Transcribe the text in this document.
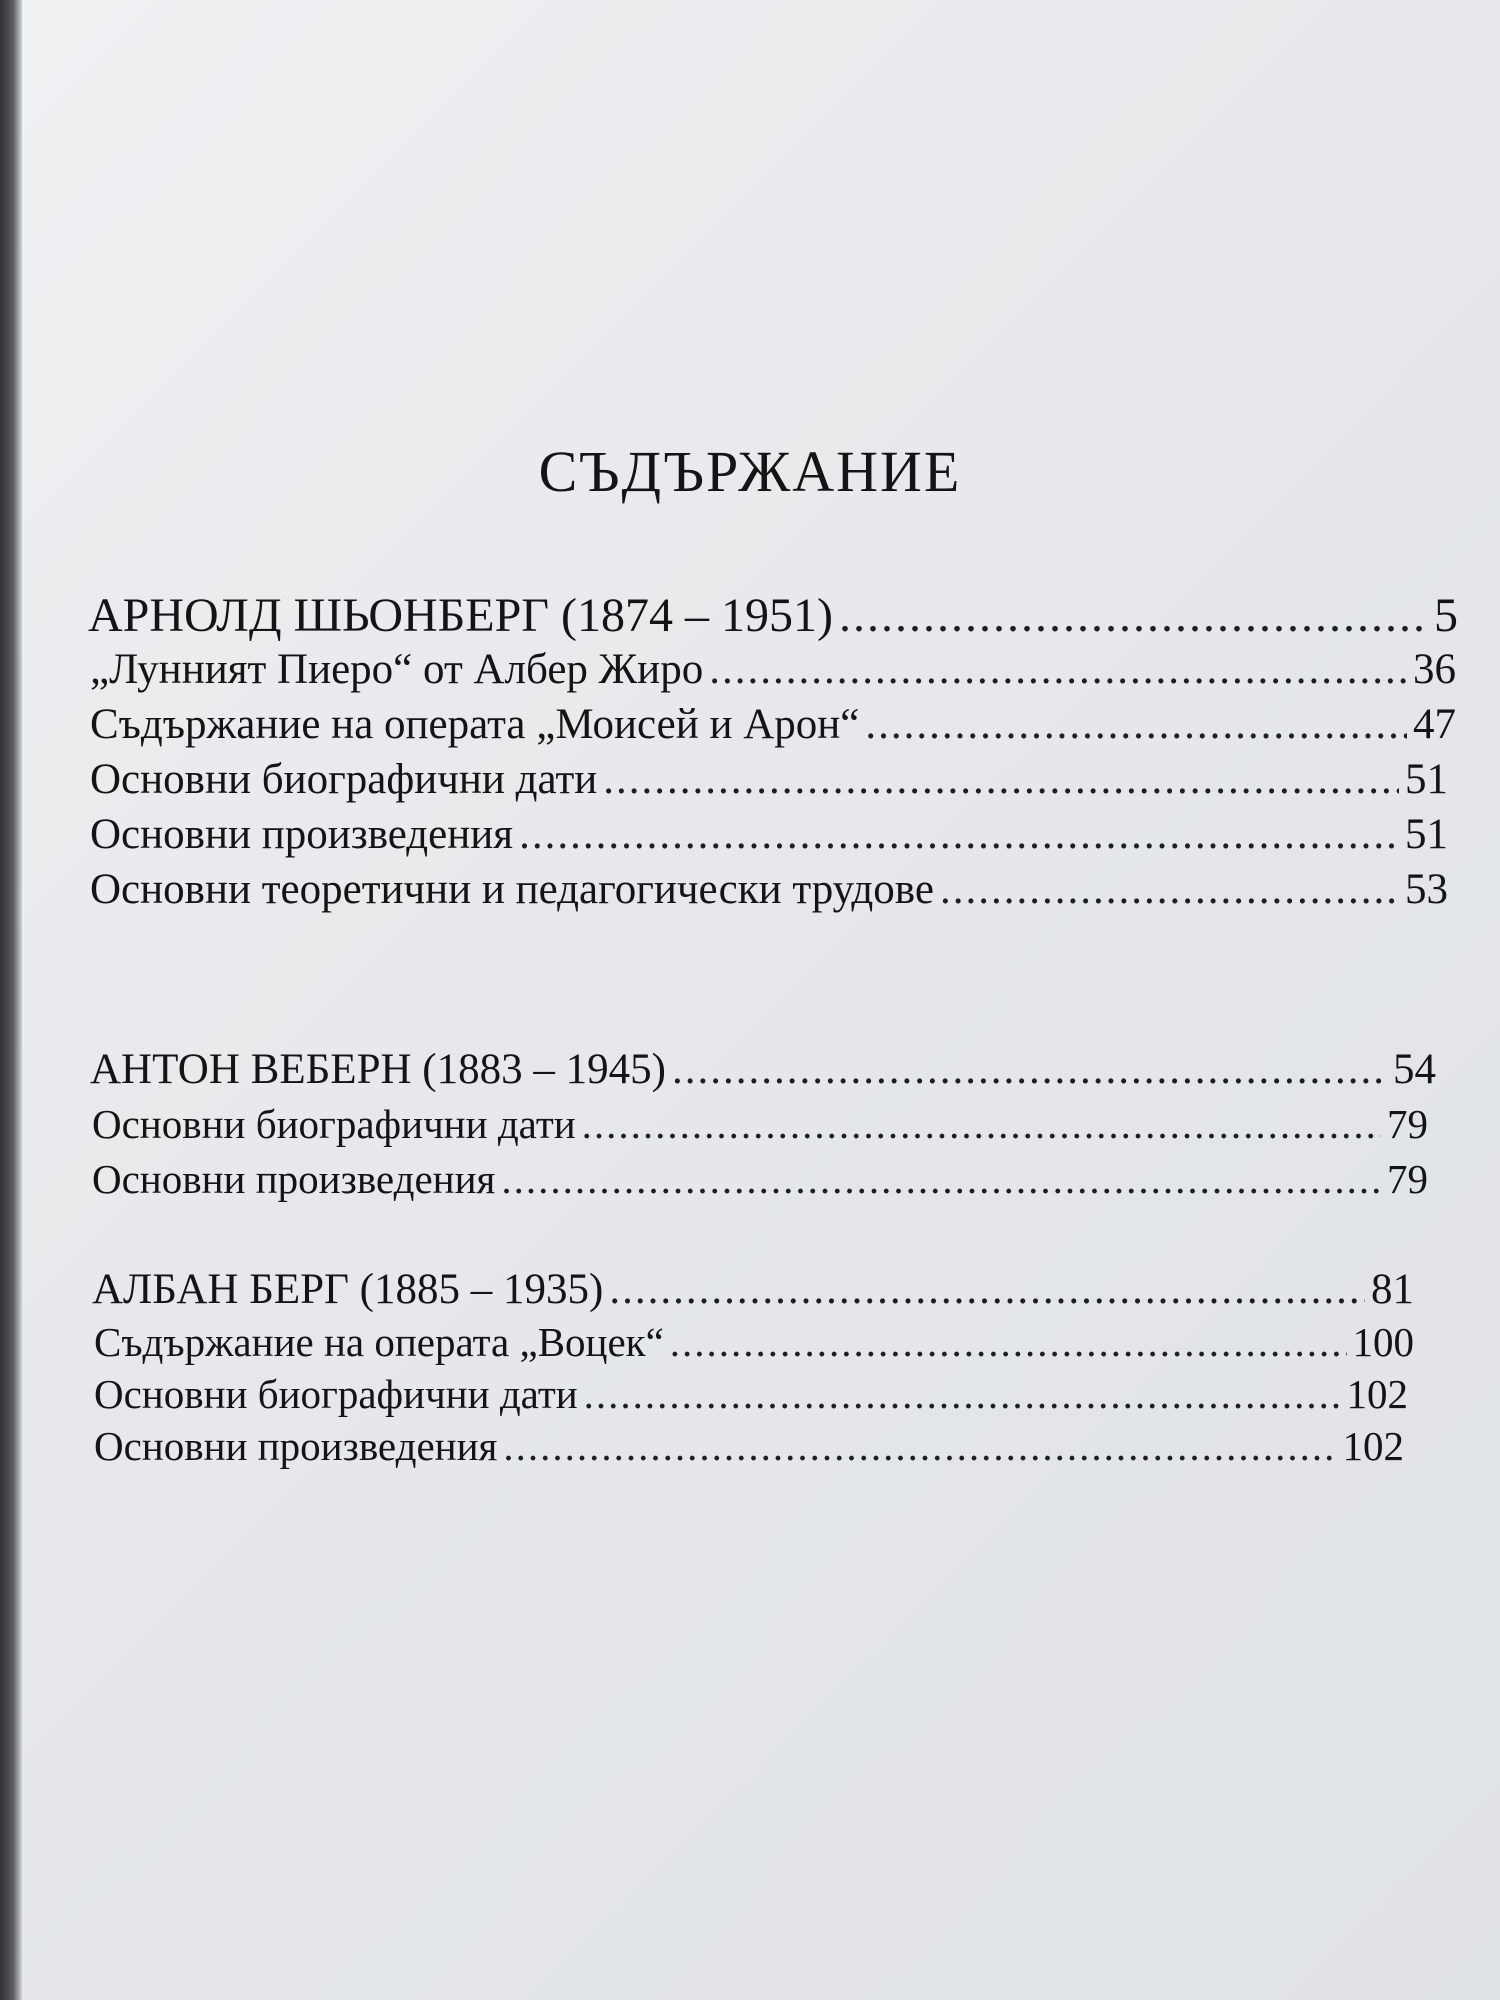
СЪДЪРЖАНИЕ
АРНОЛД ШЬОНБЕРГ (1874 – 1951) .....	5
„Лунният Пиеро“ от Албер Жиро .....	36
Съдържание на операта „Моисей и Арон“ .....	47
Основни биографични дати .....	51
Основни произведения .....	51
Основни теоретични и педагогически трудове .....	53
АНТОН ВЕБЕРН (1883 – 1945) .....	54
Основни биографични дати .....	79
Основни произведения .....	79
АЛБАН БЕРГ (1885 – 1935) .....	81
Съдържание на операта „Воцек“ .....	100
Основни биографични дати .....	102
Основни произведения .....	102
